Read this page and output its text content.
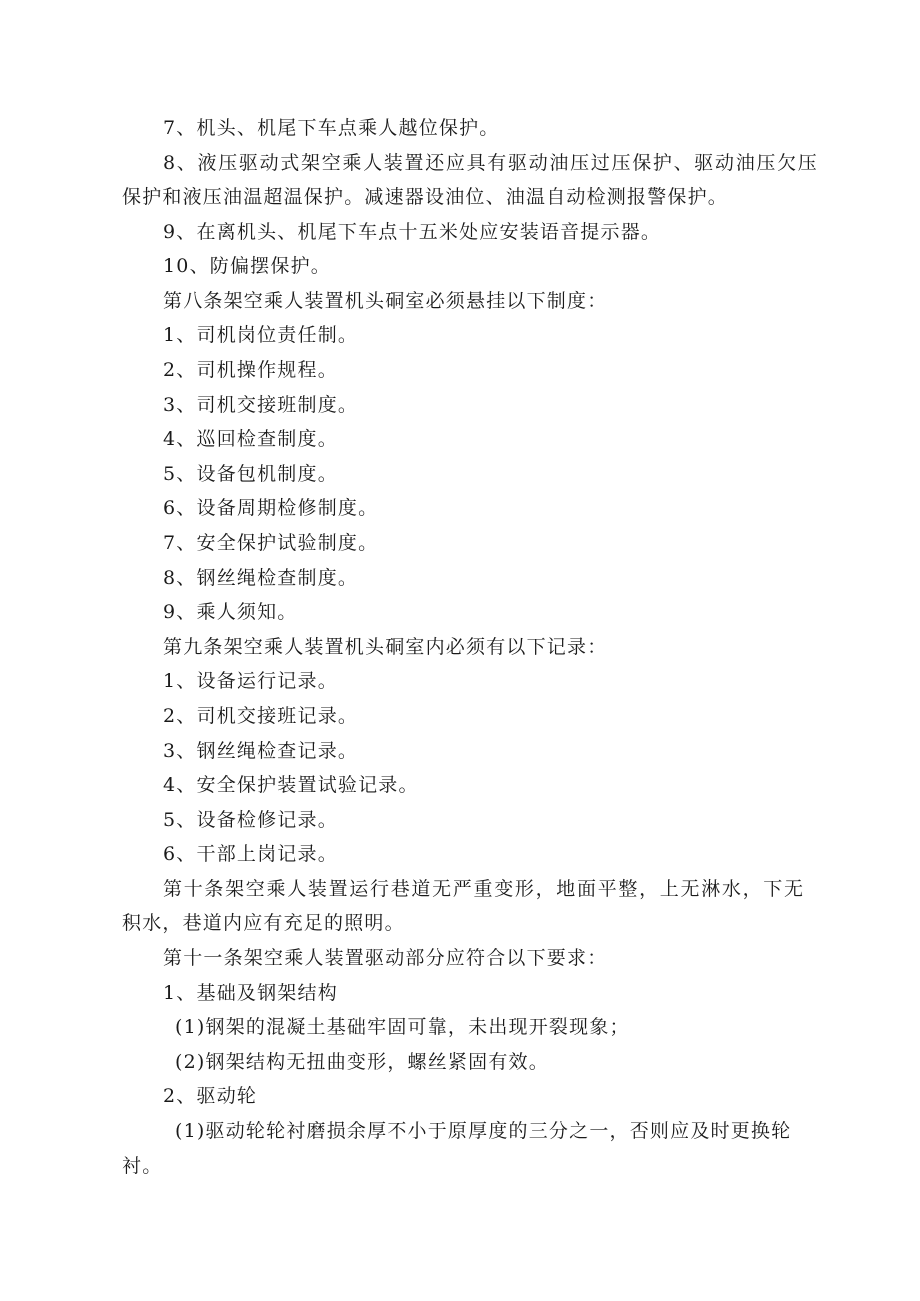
7、机头、机尾下车点乘人越位保护。
8、液压驱动式架空乘人装置还应具有驱动油压过压保护、驱动油压欠压
保护和液压油温超温保护。减速器设油位、油温自动检测报警保护。
9、在离机头、机尾下车点十五米处应安装语音提示器。
10、防偏摆保护。
第八条架空乘人装置机头硐室必须悬挂以下制度：
1、司机岗位责任制。
2、司机操作规程。
3、司机交接班制度。
4、巡回检查制度。
5、设备包机制度。
6、设备周期检修制度。
7、安全保护试验制度。
8、钢丝绳检查制度。
9、乘人须知。
第九条架空乘人装置机头硐室内必须有以下记录：
1、设备运行记录。
2、司机交接班记录。
3、钢丝绳检查记录。
4、安全保护装置试验记录。
5、设备检修记录。
6、干部上岗记录。
第十条架空乘人装置运行巷道无严重变形，地面平整，上无淋水，下无
积水，巷道内应有充足的照明。
第十一条架空乘人装置驱动部分应符合以下要求：
1、基础及钢架结构
(1)钢架的混凝土基础牢固可靠，未出现开裂现象；
(2)钢架结构无扭曲变形，螺丝紧固有效。
2、驱动轮
(1)驱动轮轮衬磨损余厚不小于原厚度的三分之一，否则应及时更换轮
衬。
